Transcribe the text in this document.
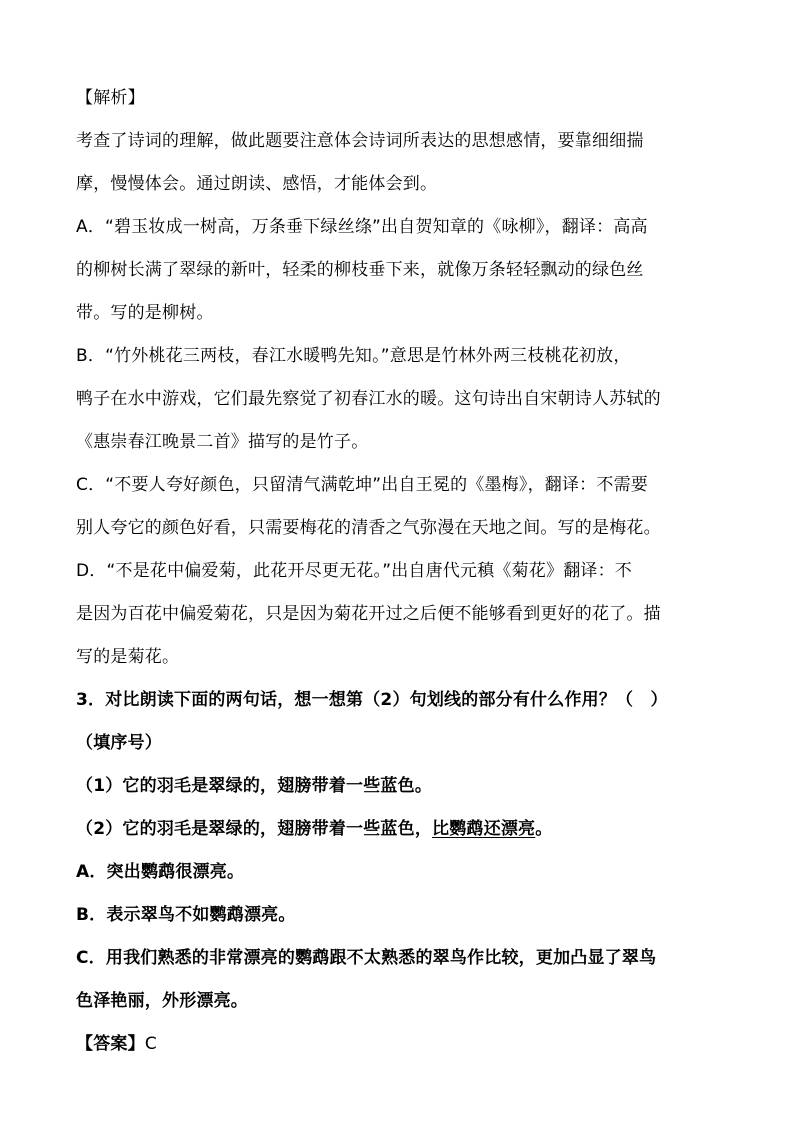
【解析】
考查了诗词的理解，做此题要注意体会诗词所表达的思想感情，要靠细细揣
摩，慢慢体会。通过朗读、感悟，才能体会到。
A．“碧玉妆成一树高，万条垂下绿丝绦”出自贺知章的《咏柳》，翻译：高高
的柳树长满了翠绿的新叶，轻柔的柳枝垂下来，就像万条轻轻飘动的绿色丝
带。写的是柳树。
B．“竹外桃花三两枝，春江水暖鸭先知。”意思是竹林外两三枝桃花初放，
鸭子在水中游戏，它们最先察觉了初春江水的暖。这句诗出自宋朝诗人苏轼的
《惠崇春江晚景二首》描写的是竹子。
C．“不要人夸好颜色，只留清气满乾坤”出自王冕的《墨梅》，翻译：不需要
别人夸它的颜色好看，只需要梅花的清香之气弥漫在天地之间。写的是梅花。
D．“不是花中偏爱菊，此花开尽更无花。”出自唐代元稹《菊花》翻译：不
是因为百花中偏爱菊花，只是因为菊花开过之后便不能够看到更好的花了。描
写的是菊花。
3．对比朗读下面的两句话，想一想第（2）句划线的部分有什么作用？（　）
（填序号）
（1）它的羽毛是翠绿的，翅膀带着一些蓝色。
（2）它的羽毛是翠绿的，翅膀带着一些蓝色，比鹦鹉还漂亮。
A．突出鹦鹉很漂亮。
B．表示翠鸟不如鹦鹉漂亮。
C．用我们熟悉的非常漂亮的鹦鹉跟不太熟悉的翠鸟作比较，更加凸显了翠鸟
色泽艳丽，外形漂亮。
【答案】C
